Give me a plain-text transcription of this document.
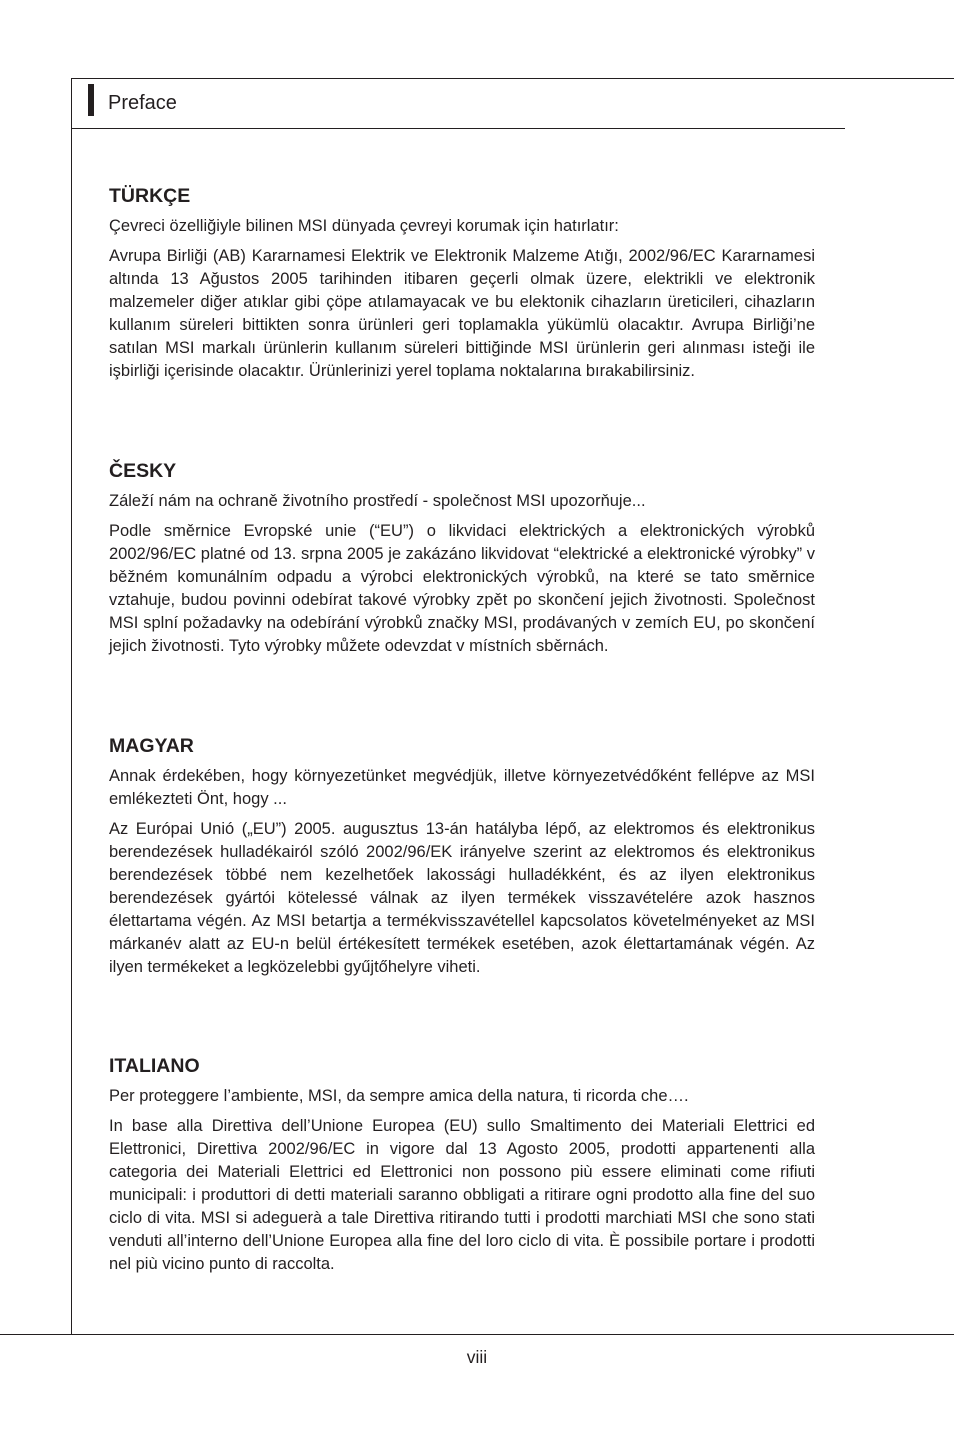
Preface
TÜRKÇE

Çevreci özelliğiyle bilinen MSI dünyada çevreyi korumak için hatırlatır:

Avrupa Birliği (AB) Kararnamesi Elektrik ve Elektronik Malzeme Atığı, 2002/96/EC Kararnamesi altında 13 Ağustos 2005 tarihinden itibaren geçerli olmak üzere, elektrikli ve elektronik malzemeler diğer atıklar gibi çöpe atılamayacak ve bu elektonik cihazların üreticileri, cihazların kullanım süreleri bittikten sonra ürünleri geri toplamakla yükümlü olacaktır. Avrupa Birliği’ne satılan MSI markalı ürünlerin kullanım süreleri bittiğinde MSI ürünlerin geri alınması isteği ile işbirliği içerisinde olacaktır. Ürünlerinizi yerel toplama noktalarına bırakabilirsiniz.

ČESKY

Záleží nám na ochraně životního prostředí - společnost MSI upozorňuje...

Podle směrnice Evropské unie (“EU”) o likvidaci elektrických a elektronických výrobků 2002/96/EC platné od 13. srpna 2005 je zakázáno likvidovat “elektrické a elektronické výrobky” v běžném komunálním odpadu a výrobci elektronických výrobků, na které se tato směrnice vztahuje, budou povinni odebírat takové výrobky zpět po skončení jejich životnosti. Společnost MSI splní požadavky na odebírání výrobků značky MSI, prodávaných v zemích EU, po skončení jejich životnosti. Tyto výrobky můžete odevzdat v místních sběrnách.

MAGYAR

Annak érdekében, hogy környezetünket megvédjük, illetve környezetvédőként fellépve az MSI emlékezteti Önt, hogy ...

Az Európai Unió („EU”) 2005. augusztus 13-án hatályba lépő, az elektromos és elektronikus berendezések hulladékairól szóló 2002/96/EK irányelve szerint az elektromos és elektronikus berendezések többé nem kezelhetőek lakossági hulladékként, és az ilyen elektronikus berendezések gyártói kötelessé válnak az ilyen termékek visszavételére azok hasznos élettartama végén. Az MSI betartja a termékvisszavétellel kapcsolatos követelményeket az MSI márkanév alatt az EU-n belül értékesített termékek esetében, azok élettartamának végén. Az ilyen termékeket a legközelebbi gyűjtőhelyre viheti.

ITALIANO

Per proteggere l’ambiente, MSI, da sempre amica della natura, ti ricorda che….

In base alla Direttiva dell’Unione Europea (EU) sullo Smaltimento dei Materiali Elettrici ed Elettronici, Direttiva 2002/96/EC in vigore dal 13 Agosto 2005, prodotti appartenenti alla categoria dei Materiali Elettrici ed Elettronici non possono più essere eliminati come rifiuti municipali: i produttori di detti materiali saranno obbligati a ritirare ogni prodotto alla fine del suo ciclo di vita. MSI si adeguerà a tale Direttiva ritirando tutti i prodotti marchiati MSI che sono stati venduti all’interno dell’Unione Europea alla fine del loro ciclo di vita. È possibile portare i prodotti nel più vicino punto di raccolta.

viii
